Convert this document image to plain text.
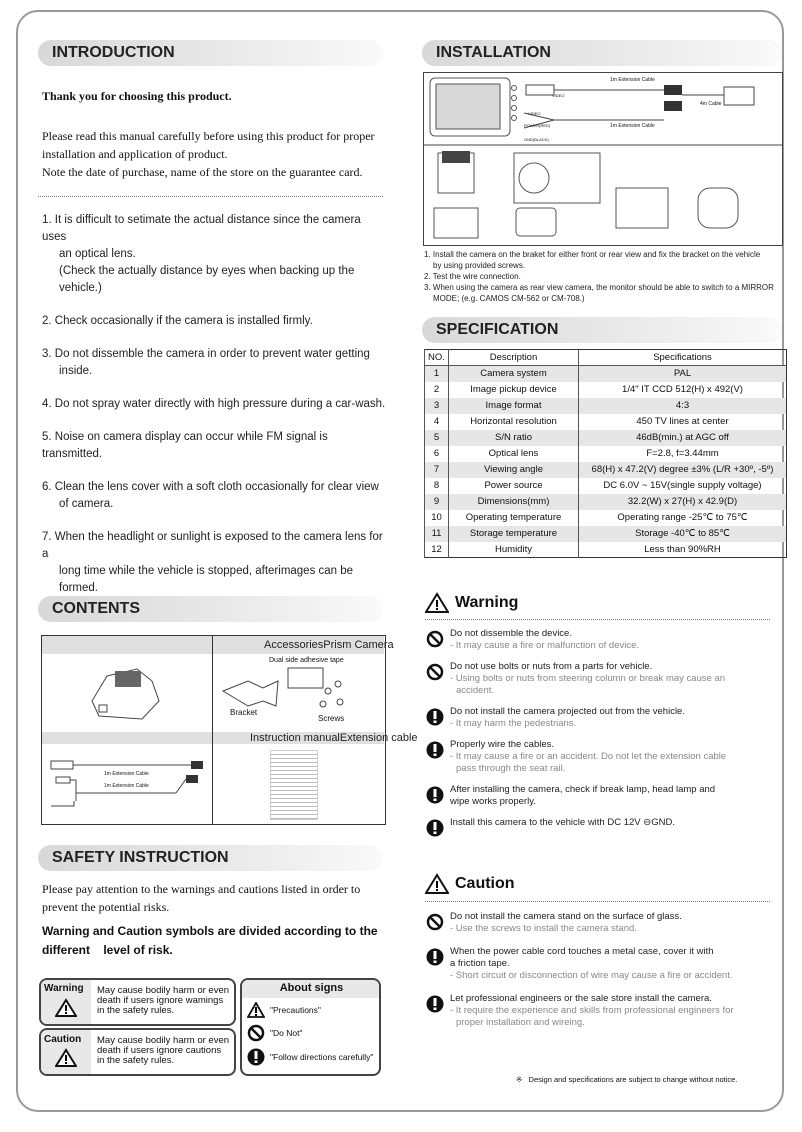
INTRODUCTION
Thank you for choosing this product.
Please read this manual carefully before using this product for proper
installation and application of product.
Note the date of purchase, name of the store on the guarantee card.
1. It is difficult to setimate the actual distance since the camera uses
an optical lens.
(Check the actually distance by eyes when backing up the vehicle.)
2. Check occasionally if the camera is installed firmly.
3. Do not dissemble the camera in order to prevent water getting
inside.
4. Do not spray water directly with high pressure during a car-wash.
5. Noise on camera display can occur while FM signal is transmitted.
6. Clean the lens cover with a soft cloth occasionally for clear view
of camera.
7. When the headlight or sunlight is exposed to the camera lens for a
long time while the vehicle is stopped, afterimages can be formed.
INSTALLATION
1m Extension Cable
1m Extension Cable
4m Cable
VIDEO
VIDEO
POWER(RED)
GND(BLACK)
1. Install the camera on the braket for either front or rear view and fix the bracket on the vehicle
by using provided screws.
2. Test the wire connection.
3. When using the camera as rear view camera, the monitor should be able to switch to a MIRROR
MODE; (e.g. CAMOS CM-562 or CM-708.)
SPECIFICATION
NO.	Description	Specifications
1	Camera system	PAL
2	Image pickup device	1/4" IT CCD 512(H) x 492(V)
3	Image format	4:3
4	Horizontal resolution	450 TV lines at center
5	S/N ratio	46dB(min.) at AGC off
6	Optical lens	F=2.8, f=3.44mm
7	Viewing angle	68(H) x 47.2(V) degree ±3% (L/R +30º, -5º)
8	Power source	DC 6.0V ~ 15V(single supply voltage)
9	Dimensions(mm)	32.2(W) x 27(H) x 42.9(D)
10	Operating temperature	Operating range -25℃ to 75℃
11	Storage temperature	Storage -40℃ to 85℃
12	Humidity	Less than 90%RH
CONTENTS
AccessoriesPrism Camera
Instruction manualExtension cable
Dual side adhesive tape
Bracket
Screws
1m Extension Cable
1m Extension Cable
SAFETY INSTRUCTION
Please pay attention to the warnings and cautions listed in order to
prevent the potential risks.
Warning and Caution symbols are divided according to the
different    level of risk.
Warning May cause bodily harm or even
death if users ignore wamings
in the safety rules.
Caution May cause bodily harm or even
death if users ignore cautions
in the safety rules.
About signs
"Precautions"
"Do Not"
"Follow directions carefully"
Warning
Do not dissemble the device.
- It may cause a fire or malfunction of device.
Do not use bolts or nuts from a parts for vehicle.
- Using bolts or nuts from steering column or break may cause an
accident.
Do not install the camera projected out from the vehicle.
- It may harm the pedestrians.
Properly wire the cables.
- It may cause a fire or an accident. Do not let the extension cable
pass through the seat rail.
After installing the camera, check if break lamp, head lamp and
wipe works properly.
Install this camera to the vehicle with DC 12V ⊖GND.
Caution
Do not install the camera stand on the surface of glass.
- Use the screws to install the camera stand.
When the power cable cord touches a metal case, cover it with
a friction tape.
- Short circuit or disconnection of wire may cause a fire or accident.
Let professional engineers or the sale store install the camera.
- It require the experience and skills from professional engineers for
proper installation and wireing.
※   Design and specifications are subject to change without notice.
